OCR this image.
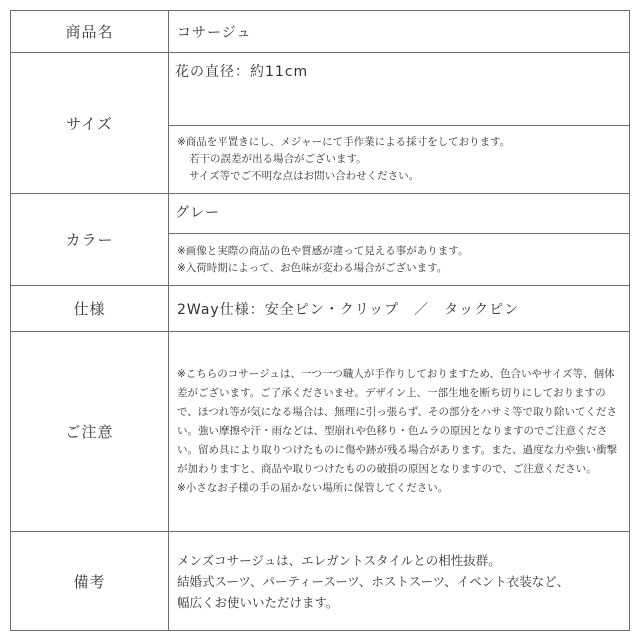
商品名	コサージュ
サイズ	花の直径：約11cm

	※商品を平置きにし、メジャーにて手作業による採寸をしております。
若干の誤差が出る場合がございます。
サイズ等でご不明な点はお問い合わせください。

カラー	グレー

	※画像と実際の商品の色や質感が違って見える事があります。
※入荷時期によって、お色味が変わる場合がございます。

仕様	2Way仕様：安全ピン・クリップ　／　タックピン
ご注意	※こちらのコサージュは、一つ一つ職人が手作りしておりますため、色合いやサイズ等、個体差がございます。ご了承くださいませ。デザイン上、一部生地を断ち切りにしておりますので、ほつれ等が気になる場合は、無理に引っ張らず、その部分をハサミ等で取り除いてください。強い摩擦や汗・雨などは、型崩れや色移り・色ムラの原因となりますのでご注意ください。留め具により取りつけたものに傷や跡が残る場合があります。また、過度な力や強い衝撃が加わりますと、商品や取りつけたものの破損の原因となりますので、ご注意ください。
※小さなお子様の手の届かない場所に保管してください。

備考	メンズコサージュは、エレガントスタイルとの相性抜群。
結婚式スーツ、パーティースーツ、ホストスーツ、イベント衣装など、
幅広くお使いいただけます。
